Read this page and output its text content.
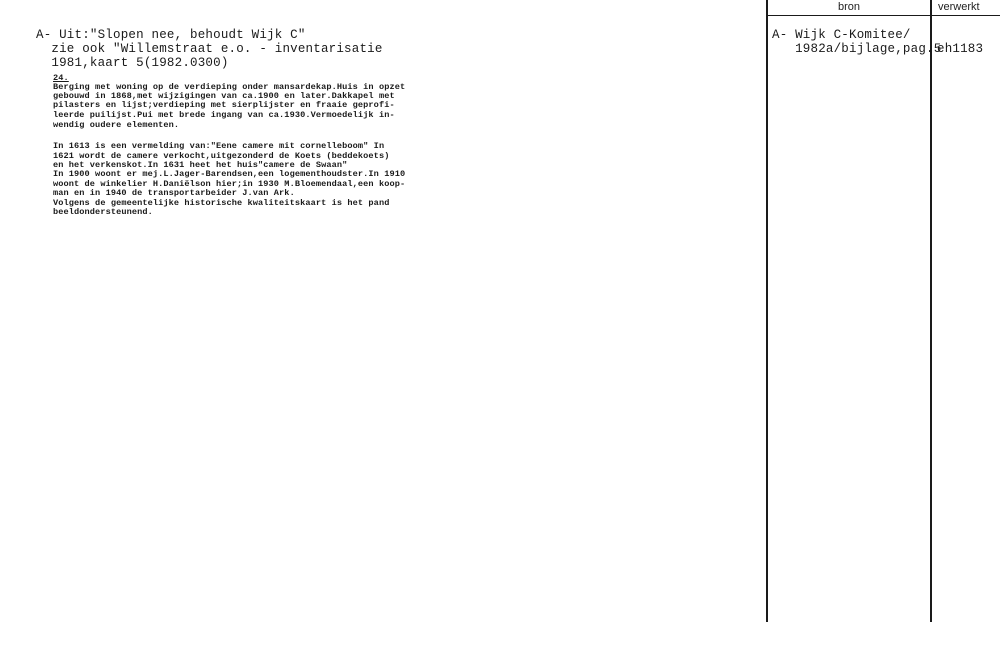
bron	verwerkt
A- Uit:"Slopen nee, behoudt Wijk C"
zie ook "Willemstraat e.o. - inventarisatie
1981,kaart 5(1982.0300)
24.
Berging met woning op de verdieping onder mansardekap.Huis in opzet
gebouwd in 1868,met wijzigingen van ca.1900 en later.Dakkapel met
pilasters en lijst;verdieping met sierplijster en fraaie geprofi-
leerde puilijst.Pui met brede ingang van ca.1930.Vermoedelijk in-
wendig oudere elementen.
In 1613 is een vermelding van:"Eene camere mit cornelleboom" In
1621 wordt de camere verkocht,uitgezonderd de Koets (beddekoets)
en het verkenskot.In 1631 heet het huis"camere de Swaan"
In 1900 woont er mej.L.Jager-Barendsen,een logementhoudster.In 1910
woont de winkelier H.Daniëlson hier;in 1930 M.Bloemendaal,een koop-
man en in 1940 de transportarbeider J.van Ark.
Volgens de gemeentelijke historische kwaliteitskaart is het pand
beeldondersteunend.
A- Wijk C-Komitee/
1982a/bijlage,pag.5
eh1183
